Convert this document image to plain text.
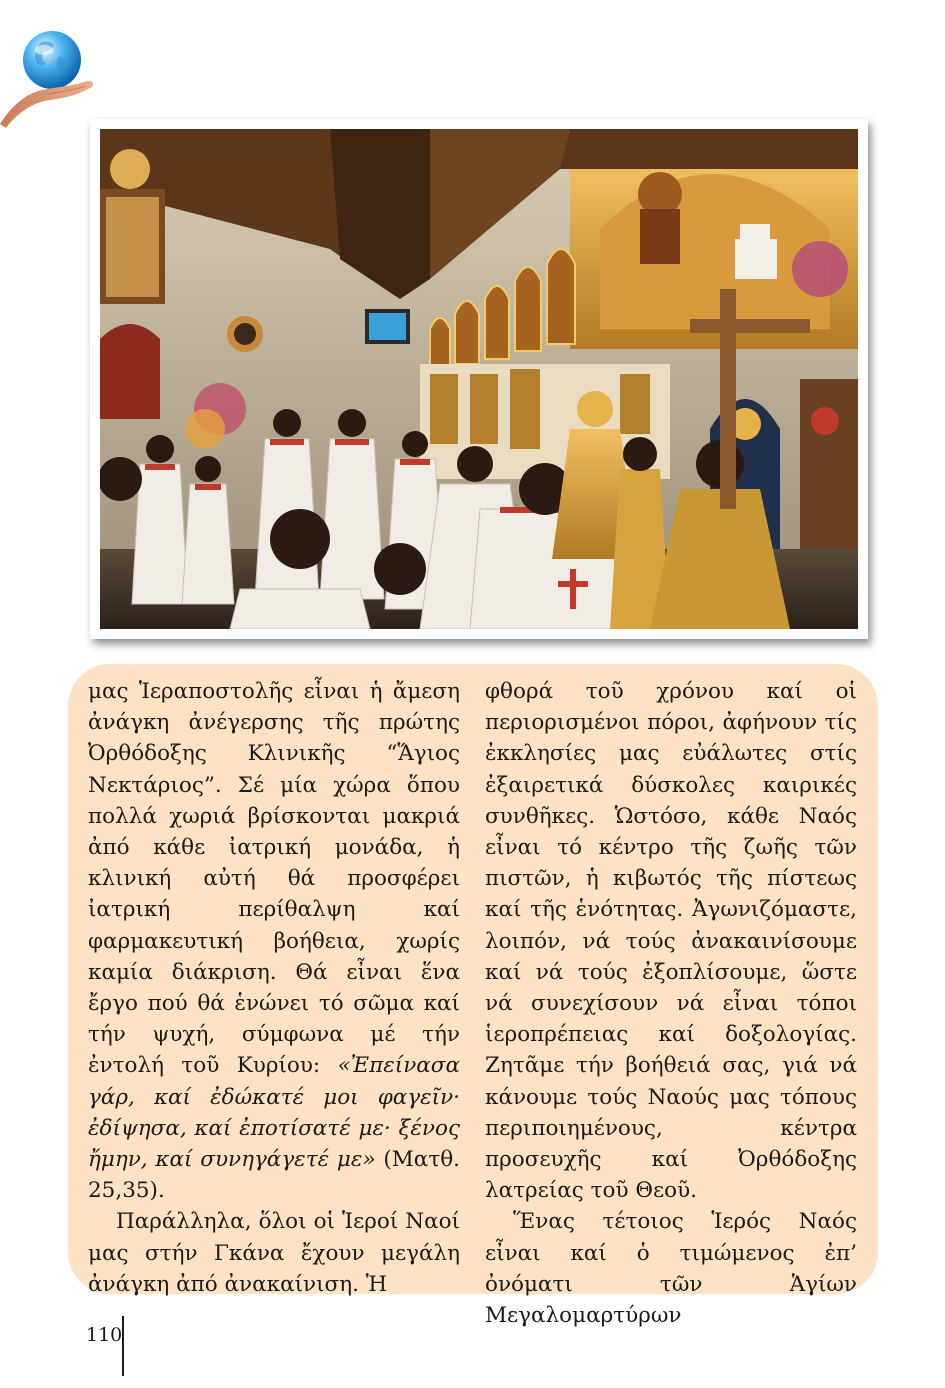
μας Ἱεραποστολῆς εἶναι ἡ ἄμεση ἀνάγκη ἀνέγερσης τῆς πρώτης Ὀρθόδοξης Κλινικῆς “Ἅγιος Νεκτάριος”. Σέ μία χώρα ὅπου πολλά χωριά βρίσκονται μακριά ἀπό κάθε ἰατρική μονάδα, ἡ κλινική αὐτή θά προσφέρει ἰατρική περίθαλψη καί φαρμακευτική βοήθεια, χωρίς καμία διάκριση. Θά εἶναι ἕνα ἔργο πού θά ἑνώνει τό σῶμα καί τήν ψυχή, σύμφωνα μέ τήν ἐντολή τοῦ Κυρίου: «Ἐπείνασα γάρ, καί ἐδώκατέ μοι φαγεῖν· ἐδίψησα, καί ἐποτίσατέ με· ξένος ἤμην, καί συνηγάγετέ με» (Ματθ. 25,35).

Παράλληλα, ὅλοι οἱ Ἱεροί Ναοί μας στήν Γκάνα ἔχουν μεγάλη ἀνάγκη ἀπό ἀνακαίνιση. Ἡ

φθορά τοῦ χρόνου καί οἱ περιορισμένοι πόροι, ἀφήνουν τίς ἐκκλησίες μας εὐάλωτες στίς ἐξαιρετικά δύσκολες καιρικές συνθῆκες. Ὡστόσο, κάθε Ναός εἶναι τό κέντρο τῆς ζωῆς τῶν πιστῶν, ἡ κιβωτός τῆς πίστεως καί τῆς ἑνότητας. Ἀγωνιζόμαστε, λοιπόν, νά τούς ἀνακαινίσουμε καί νά τούς ἐξοπλίσουμε, ὥστε νά συνεχίσουν νά εἶναι τόποι ἱεροπρέπειας καί δοξολογίας. Ζητᾶμε τήν βοήθειά σας, γιά νά κάνουμε τούς Ναούς μας τόπους περιποιημένους, κέντρα προσευχῆς καί Ὀρθόδοξης λατρείας τοῦ Θεοῦ.

Ἕνας τέτοιος Ἱερός Ναός εἶναι καί ὁ τιμώμενος ἐπ’ ὀνόματι τῶν Ἁγίων Μεγαλομαρτύρων

110
